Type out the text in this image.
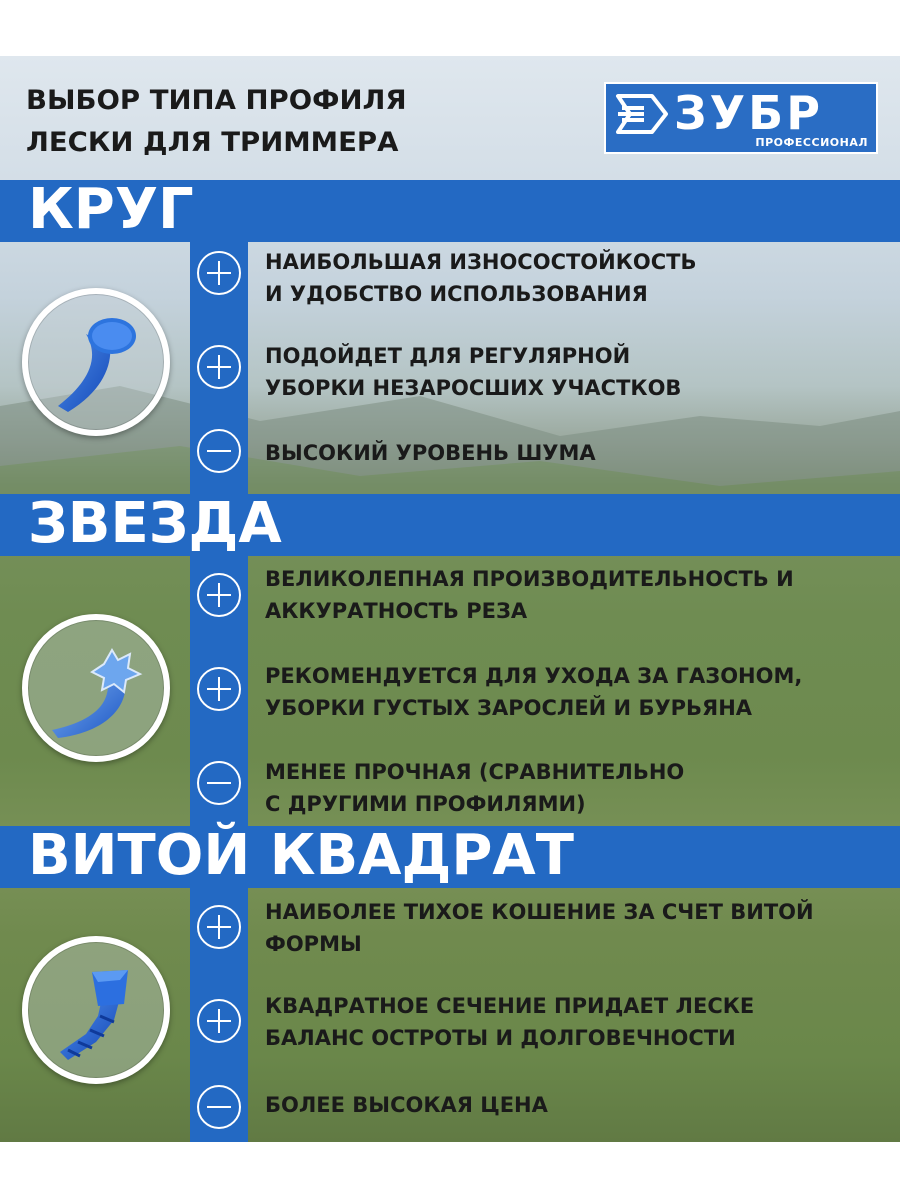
ВЫБОР ТИПА ПРОФИЛЯ
ЛЕСКИ ДЛЯ ТРИММЕРА
ЗУБР
ПРОФЕССИОНАЛ
КРУГ

НАИБОЛЬШАЯ ИЗНОСОСТОЙКОСТЬ
И УДОБСТВО ИСПОЛЬЗОВАНИЯ

ПОДОЙДЕТ ДЛЯ РЕГУЛЯРНОЙ
УБОРКИ НЕЗАРОСШИХ УЧАСТКОВ

ВЫСОКИЙ УРОВЕНЬ ШУМА

ЗВЕЗДА

ВЕЛИКОЛЕПНАЯ ПРОИЗВОДИТЕЛЬНОСТЬ И
АККУРАТНОСТЬ РЕЗА

РЕКОМЕНДУЕТСЯ ДЛЯ УХОДА ЗА ГАЗОНОМ,
УБОРКИ ГУСТЫХ ЗАРОСЛЕЙ И БУРЬЯНА

МЕНЕЕ ПРОЧНАЯ (СРАВНИТЕЛЬНО
С ДРУГИМИ ПРОФИЛЯМИ)

ВИТОЙ КВАДРАТ

НАИБОЛЕЕ ТИХОЕ КОШЕНИЕ ЗА СЧЕТ ВИТОЙ
ФОРМЫ

КВАДРАТНОЕ СЕЧЕНИЕ ПРИДАЕТ ЛЕСКЕ
БАЛАНС ОСТРОТЫ И ДОЛГОВЕЧНОСТИ

БОЛЕЕ ВЫСОКАЯ ЦЕНА
